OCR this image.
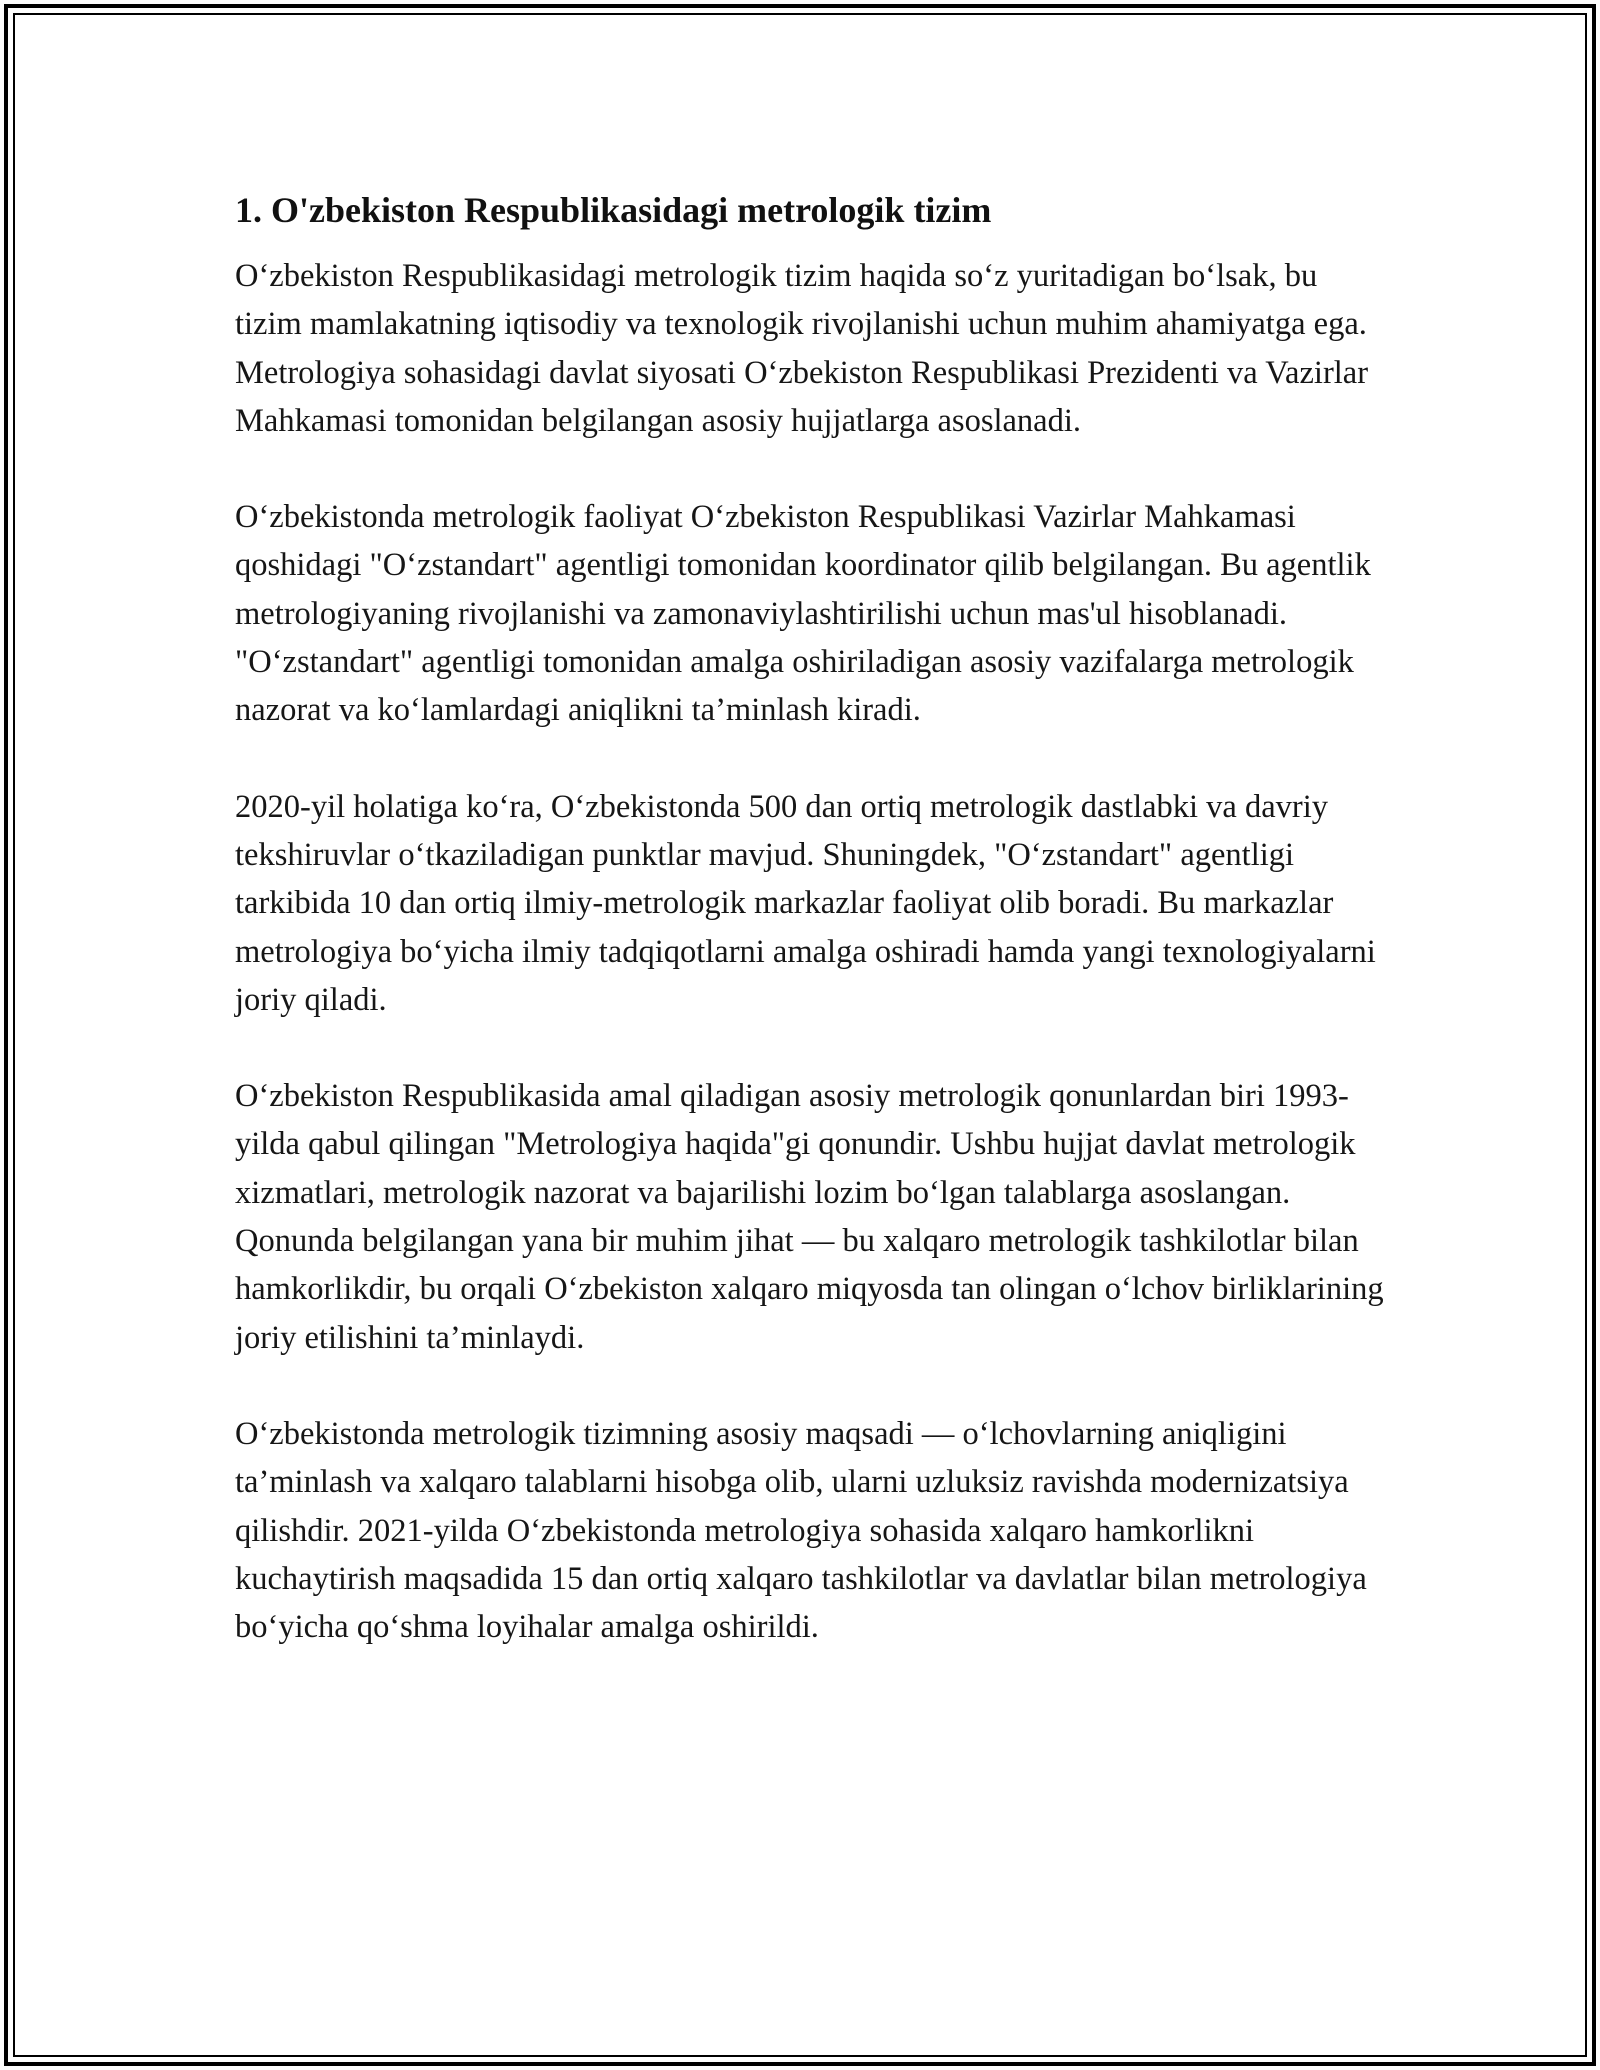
1. O'zbekiston Respublikasidagi metrologik tizim

O‘zbekiston Respublikasidagi metrologik tizim haqida so‘z yuritadigan bo‘lsak, bu tizim mamlakatning iqtisodiy va texnologik rivojlanishi uchun muhim ahamiyatga ega. Metrologiya sohasidagi davlat siyosati O‘zbekiston Respublikasi Prezidenti va Vazirlar Mahkamasi tomonidan belgilangan asosiy hujjatlarga asoslanadi.

O‘zbekistonda metrologik faoliyat O‘zbekiston Respublikasi Vazirlar Mahkamasi qoshidagi "O‘zstandart" agentligi tomonidan koordinator qilib belgilangan. Bu agentlik metrologiyaning rivojlanishi va zamonaviylashtirilishi uchun mas'ul hisoblanadi. "O‘zstandart" agentligi tomonidan amalga oshiriladigan asosiy vazifalarga metrologik nazorat va ko‘lamlardagi aniqlikni ta’minlash kiradi.

2020-yil holatiga ko‘ra, O‘zbekistonda 500 dan ortiq metrologik dastlabki va davriy tekshiruvlar o‘tkaziladigan punktlar mavjud. Shuningdek, "O‘zstandart" agentligi tarkibida 10 dan ortiq ilmiy-metrologik markazlar faoliyat olib boradi. Bu markazlar metrologiya bo‘yicha ilmiy tadqiqotlarni amalga oshiradi hamda yangi texnologiyalarni joriy qiladi.

O‘zbekiston Respublikasida amal qiladigan asosiy metrologik qonunlardan biri 1993-yilda qabul qilingan "Metrologiya haqida"gi qonundir. Ushbu hujjat davlat metrologik xizmatlari, metrologik nazorat va bajarilishi lozim bo‘lgan talablarga asoslangan. Qonunda belgilangan yana bir muhim jihat — bu xalqaro metrologik tashkilotlar bilan hamkorlikdir, bu orqali O‘zbekiston xalqaro miqyosda tan olingan o‘lchov birliklarining joriy etilishini ta’minlaydi.

O‘zbekistonda metrologik tizimning asosiy maqsadi — o‘lchovlarning aniqligini ta’minlash va xalqaro talablarni hisobga olib, ularni uzluksiz ravishda modernizatsiya qilishdir. 2021-yilda O‘zbekistonda metrologiya sohasida xalqaro hamkorlikni kuchaytirish maqsadida 15 dan ortiq xalqaro tashkilotlar va davlatlar bilan metrologiya bo‘yicha qo‘shma loyihalar amalga oshirildi.
